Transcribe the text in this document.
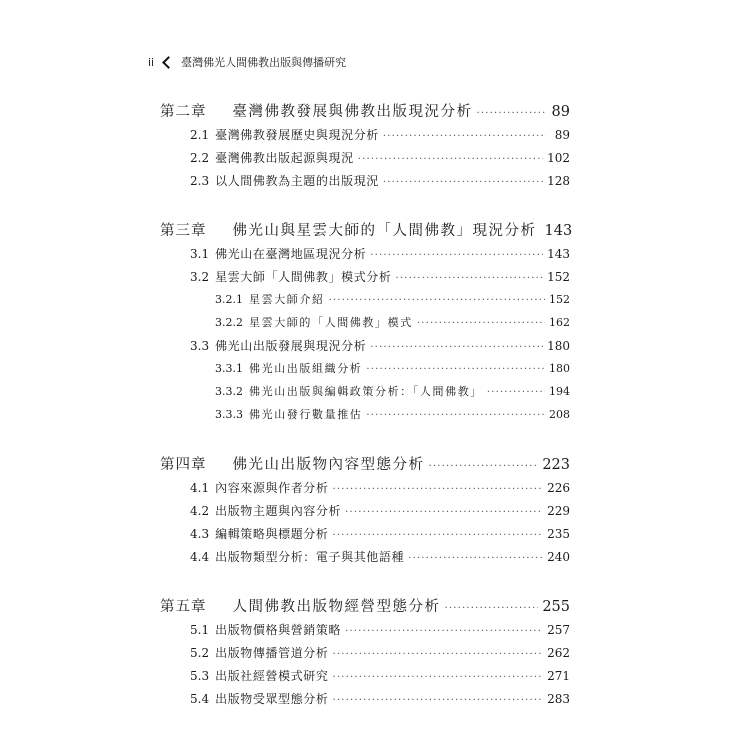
ii 臺灣佛光人間佛教出版與傳播研究
第二章 臺灣佛教發展與佛教出版現況分析 ·····	89
2.1 臺灣佛教發展歷史與現況分析 ·····	89
2.2 臺灣佛教出版起源與現況 ·····	102
2.3 以人間佛教為主題的出版現況 ·····	128
第三章 佛光山與星雲大師的「人間佛教」現況分析 143
3.1 佛光山在臺灣地區現況分析 ·····	143
3.2 星雲大師「人間佛教」模式分析 ·····	152
3.2.1 星雲大師介紹 ·····	152
3.2.2 星雲大師的「人間佛教」模式 ·····	162
3.3 佛光山出版發展與現況分析 ·····	180
3.3.1 佛光山出版組織分析 ·····	180
3.3.2 佛光山出版與編輯政策分析：「人間佛教」 ·····	194
3.3.3 佛光山發行數量推估 ·····	208
第四章 佛光山出版物內容型態分析 ·····	223
4.1 內容來源與作者分析 ·····	226
4.2 出版物主題與內容分析 ·····	229
4.3 編輯策略與標題分析 ·····	235
4.4 出版物類型分析：電子與其他語種 ·····	240
第五章 人間佛教出版物經營型態分析 ·····	255
5.1 出版物價格與營銷策略 ·····	257
5.2 出版物傳播管道分析 ·····	262
5.3 出版社經營模式研究 ·····	271
5.4 出版物受眾型態分析 ·····	283
